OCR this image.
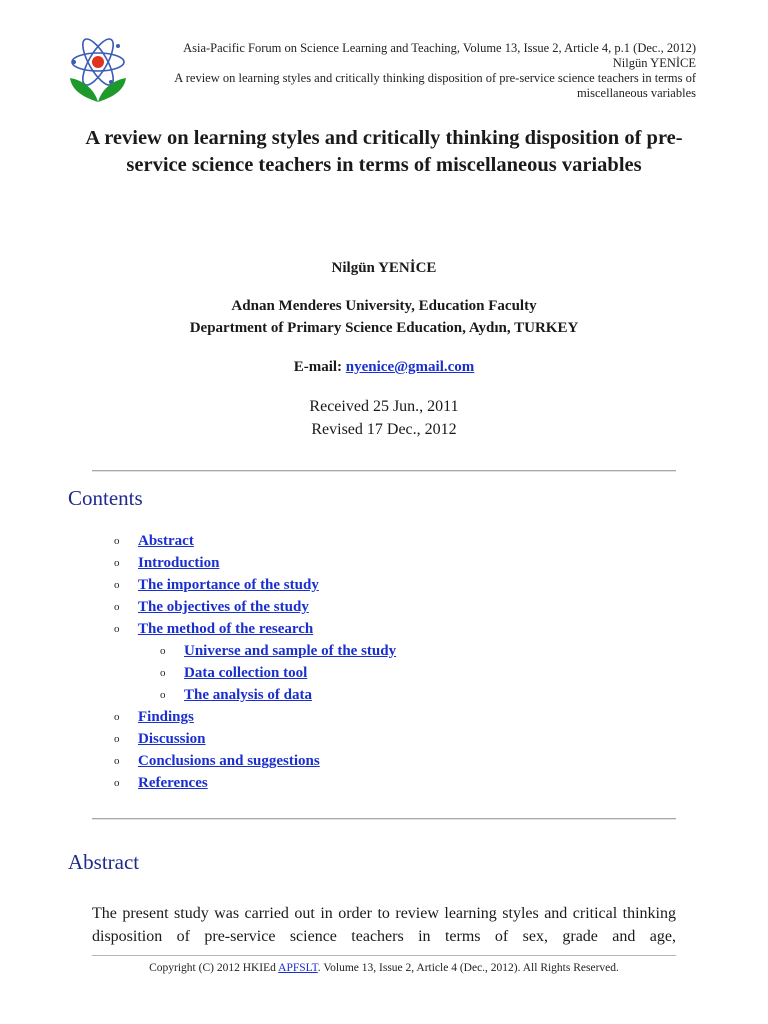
Asia-Pacific Forum on Science Learning and Teaching, Volume 13, Issue 2, Article 4, p.1 (Dec., 2012)
Nilgün YENİCE
A review on learning styles and critically thinking disposition of pre-service science teachers in terms of
miscellaneous variables
A review on learning styles and critically thinking disposition of pre-service science teachers in terms of miscellaneous variables
Nilgün YENİCE
Adnan Menderes University, Education Faculty
Department of Primary Science Education, Aydın, TURKEY
E-mail: nyenice@gmail.com
Received 25 Jun., 2011
Revised 17 Dec., 2012
Contents
o Abstract
o Introduction
o The importance of the study
o The objectives of the study
o The method of the research
o Universe and sample of the study
o Data collection tool
o The analysis of data
o Findings
o Discussion
o Conclusions and suggestions
o References
Abstract

The present study was carried out in order to review learning styles and critical thinking disposition of pre-service science teachers in terms of sex, grade and age,

Copyright (C) 2012 HKIEd APFSLT. Volume 13, Issue 2, Article 4 (Dec., 2012). All Rights Reserved.
